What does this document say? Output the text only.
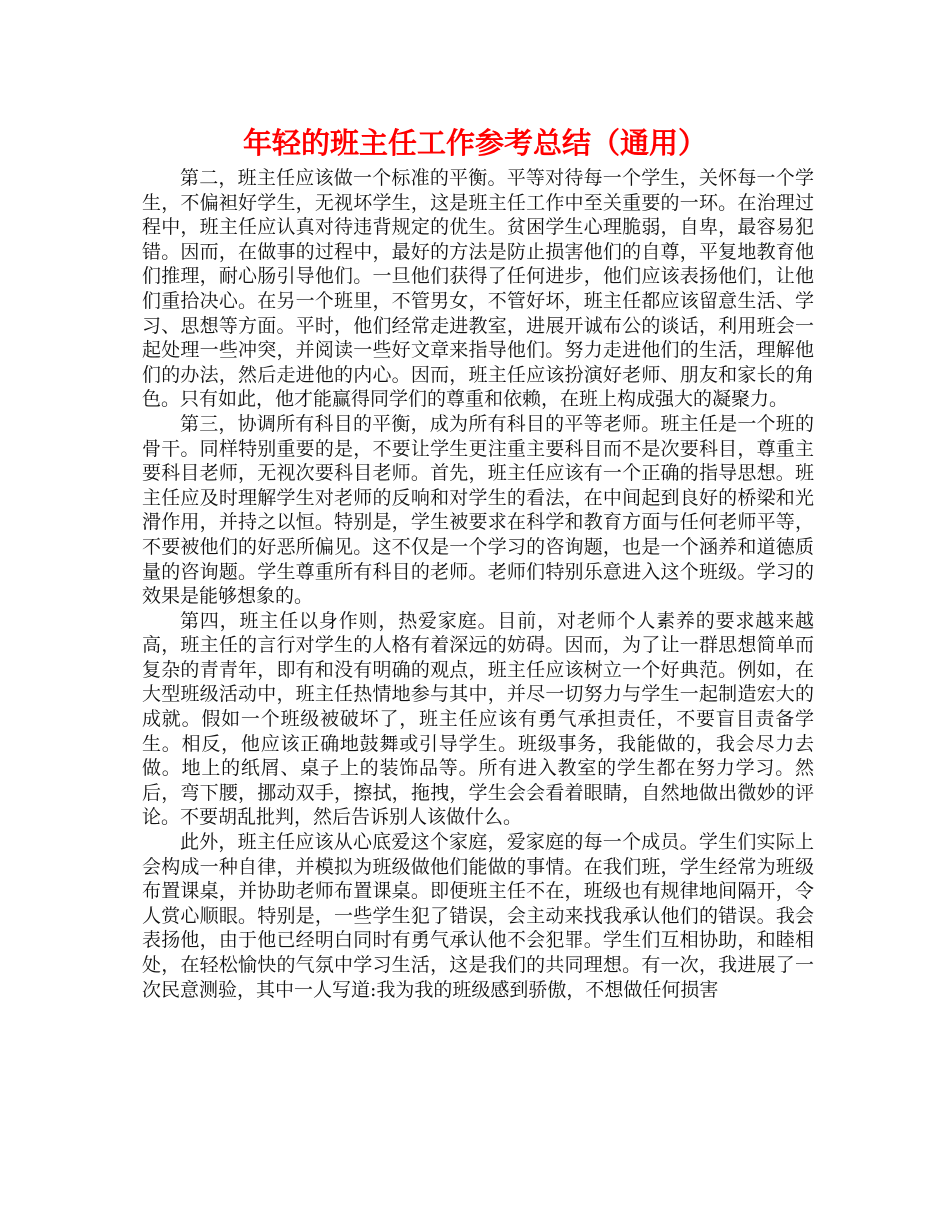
年轻的班主任工作参考总结（通用）

第二，班主任应该做一个标准的平衡。平等对待每一个学生，关怀每一个学生，不偏袒好学生，无视坏学生，这是班主任工作中至关重要的一环。在治理过程中，班主任应认真对待违背规定的优生。贫困学生心理脆弱，自卑，最容易犯错。因而，在做事的过程中，最好的方法是防止损害他们的自尊，平复地教育他们推理，耐心肠引导他们。一旦他们获得了任何进步，他们应该表扬他们，让他们重拾决心。在另一个班里，不管男女，不管好坏，班主任都应该留意生活、学习、思想等方面。平时，他们经常走进教室，进展开诚布公的谈话，利用班会一起处理一些冲突，并阅读一些好文章来指导他们。努力走进他们的生活，理解他们的办法，然后走进他的内心。因而，班主任应该扮演好老师、朋友和家长的角色。只有如此，他才能赢得同学们的尊重和依赖，在班上构成强大的凝聚力。

第三，协调所有科目的平衡，成为所有科目的平等老师。班主任是一个班的骨干。同样特别重要的是，不要让学生更注重主要科目而不是次要科目，尊重主要科目老师，无视次要科目老师。首先，班主任应该有一个正确的指导思想。班主任应及时理解学生对老师的反响和对学生的看法，在中间起到良好的桥梁和光滑作用，并持之以恒。特别是，学生被要求在科学和教育方面与任何老师平等，不要被他们的好恶所偏见。这不仅是一个学习的咨询题，也是一个涵养和道德质量的咨询题。学生尊重所有科目的老师。老师们特别乐意进入这个班级。学习的效果是能够想象的。

第四，班主任以身作则，热爱家庭。目前，对老师个人素养的要求越来越高，班主任的言行对学生的人格有着深远的妨碍。因而，为了让一群思想简单而复杂的青青年，即有和没有明确的观点，班主任应该树立一个好典范。例如，在大型班级活动中，班主任热情地参与其中，并尽一切努力与学生一起制造宏大的成就。假如一个班级被破坏了，班主任应该有勇气承担责任，不要盲目责备学生。相反，他应该正确地鼓舞或引导学生。班级事务，我能做的，我会尽力去做。地上的纸屑、桌子上的装饰品等。所有进入教室的学生都在努力学习。然后，弯下腰，挪动双手，擦拭，拖拽，学生会会看着眼睛，自然地做出微妙的评论。不要胡乱批判，然后告诉别人该做什么。

此外，班主任应该从心底爱这个家庭，爱家庭的每一个成员。学生们实际上会构成一种自律，并模拟为班级做他们能做的事情。在我们班，学生经常为班级布置课桌，并协助老师布置课桌。即便班主任不在，班级也有规律地间隔开，令人赏心顺眼。特别是，一些学生犯了错误，会主动来找我承认他们的错误。我会表扬他，由于他已经明白同时有勇气承认他不会犯罪。学生们互相协助，和睦相处，在轻松愉快的气氛中学习生活，这是我们的共同理想。有一次，我进展了一次民意测验，其中一人写道:我为我的班级感到骄傲，不想做任何损害
